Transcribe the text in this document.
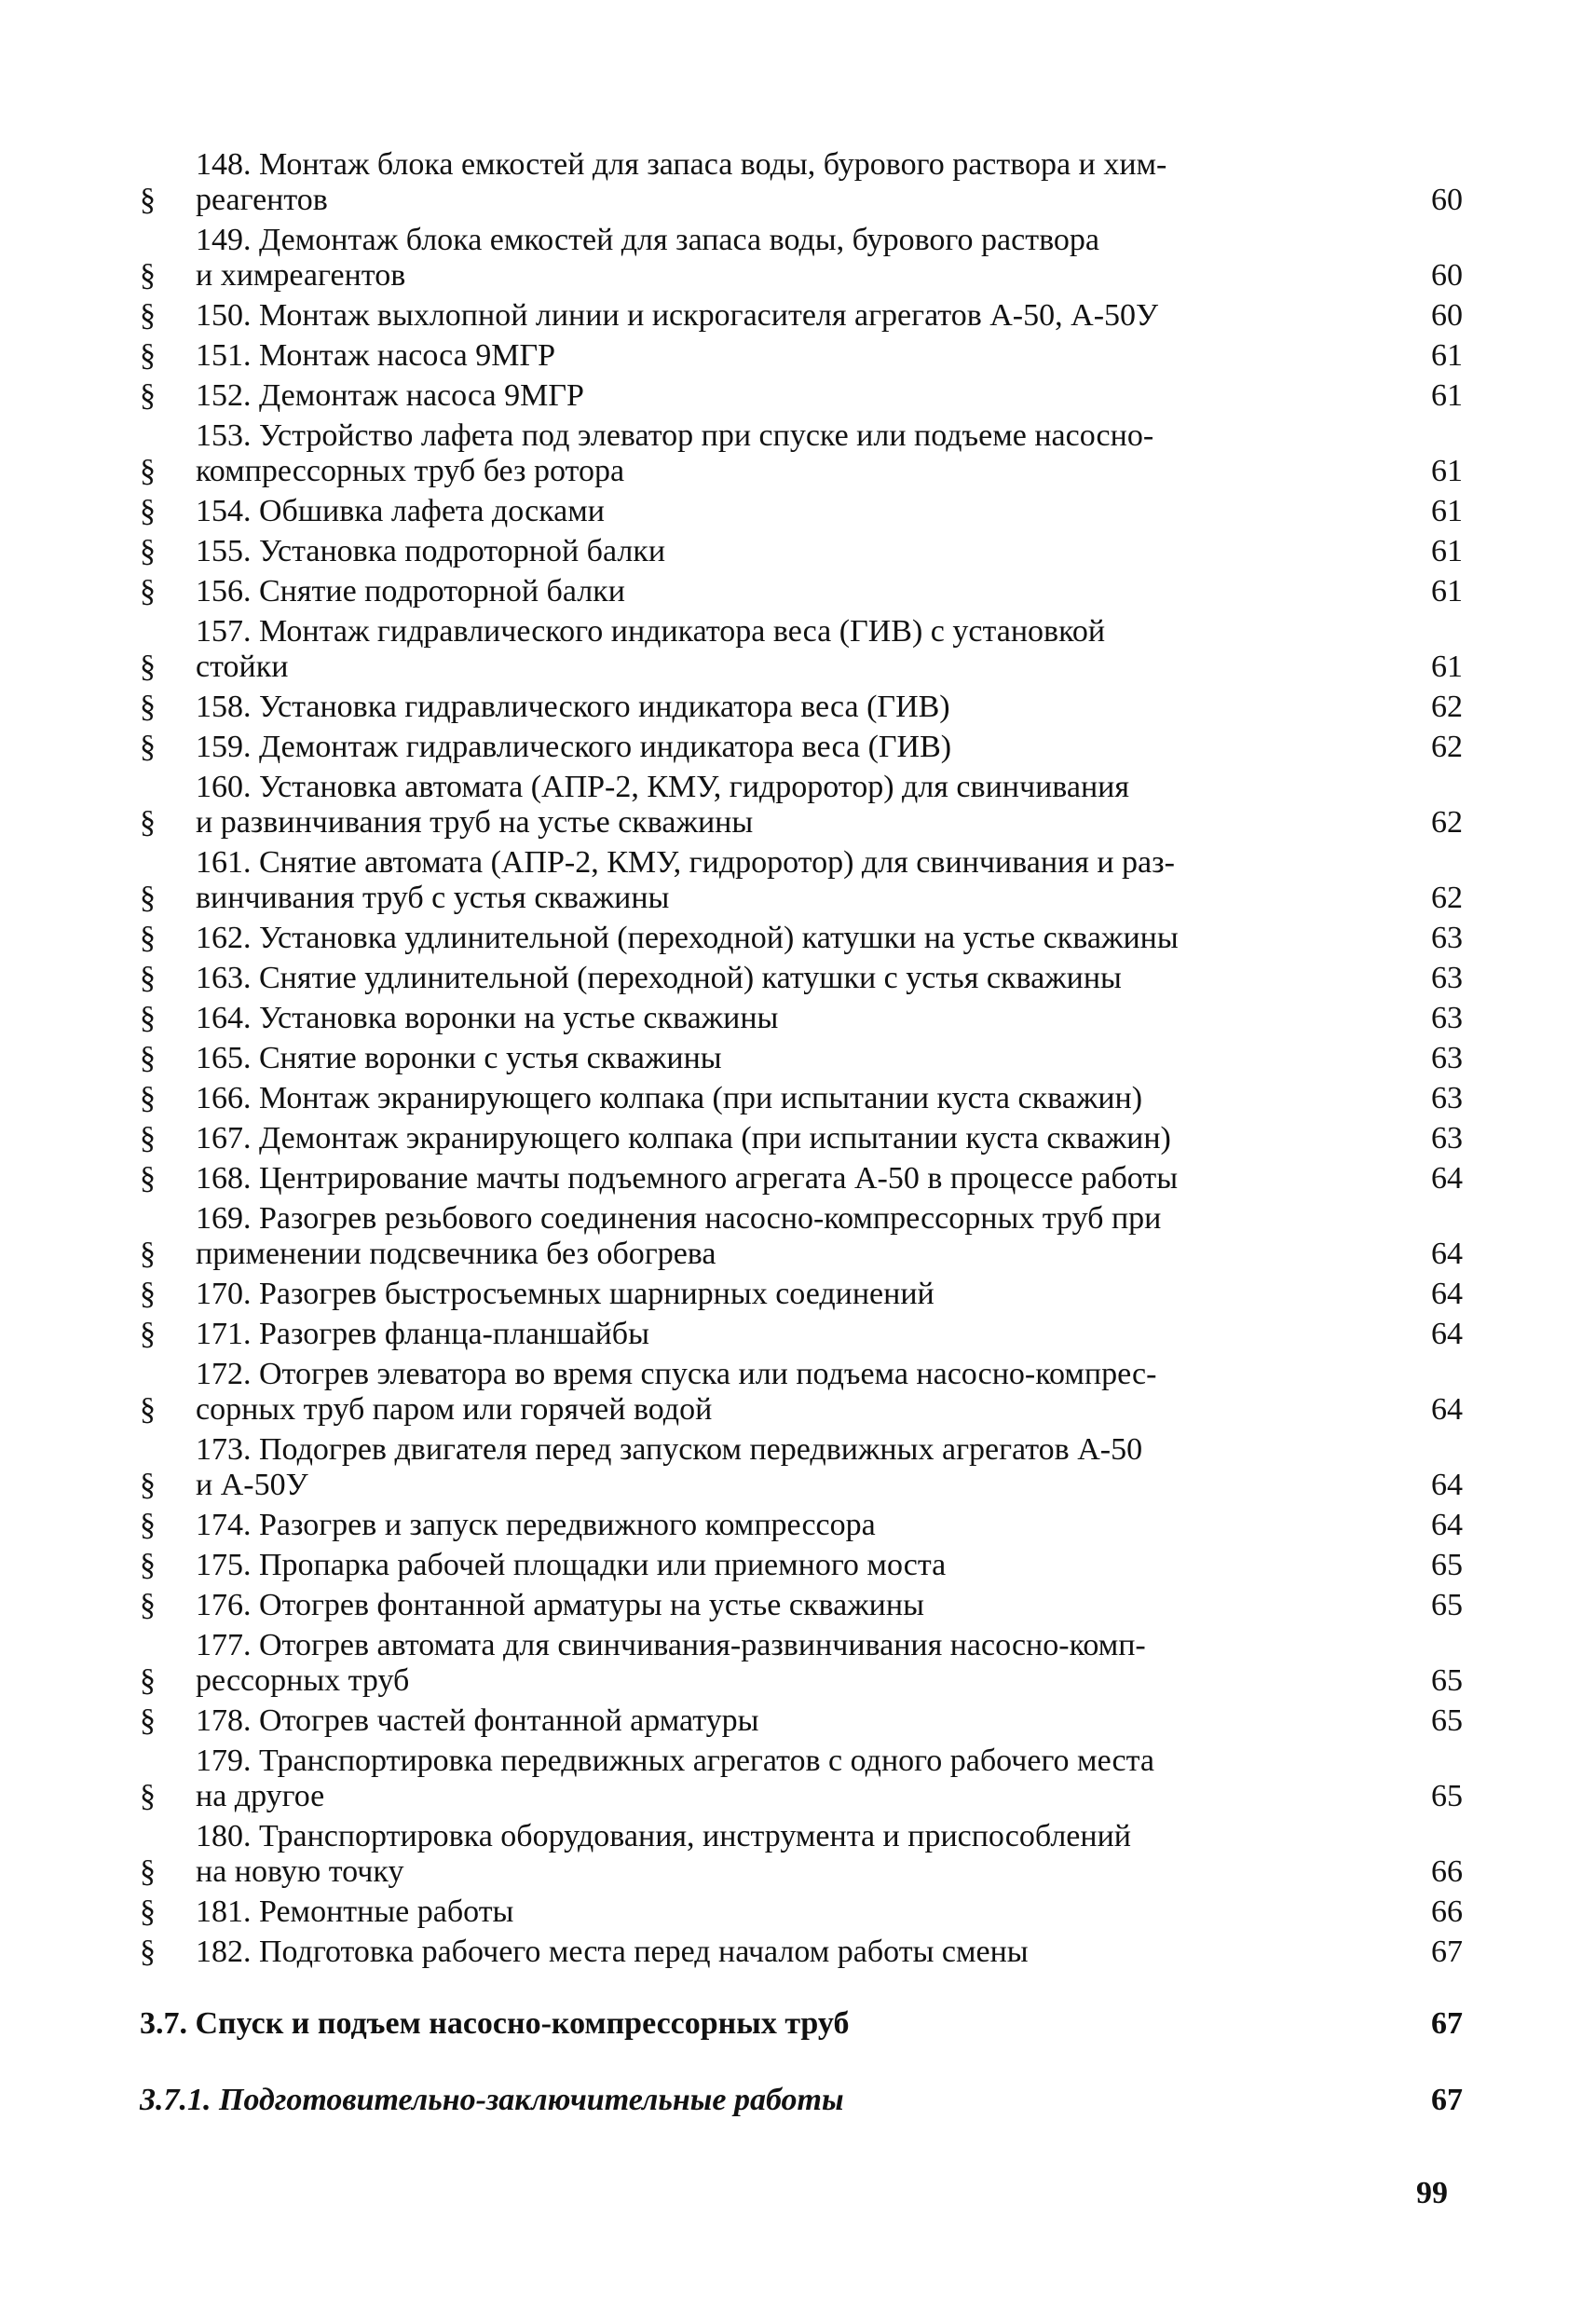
§
148. Монтаж блока емкостей для запаса воды, бурового раствора и хим-
реагентов	60
§
149. Демонтаж блока емкостей для запаса воды, бурового раствора
и химреагентов	60
§	150. Монтаж выхлопной линии и искрогасителя агрегатов А-50, А-50У	60
§	151. Монтаж насоса 9МГР	61
§	152. Демонтаж насоса 9МГР	61
§
153. Устройство лафета под элеватор при спуске или подъеме насосно-
компрессорных труб без ротора	61
§	154. Обшивка лафета досками	61
§	155. Установка подроторной балки	61
§	156. Снятие подроторной балки	61
§
157. Монтаж гидравлического индикатора веса (ГИВ) с установкой
стойки	61
§	158. Установка гидравлического индикатора веса (ГИВ)	62
§	159. Демонтаж гидравлического индикатора веса (ГИВ)	62
§
160. Установка автомата (АПР-2, КМУ, гидроротор) для свинчивания
и развинчивания труб на устье скважины	62
§
161. Снятие автомата (АПР-2, КМУ, гидроротор) для свинчивания и раз-
винчивания труб с устья скважины	62
§	162. Установка удлинительной (переходной) катушки на устье скважины	63
§	163. Снятие удлинительной (переходной) катушки с устья скважины	63
§	164. Установка воронки на устье скважины	63
§	165. Снятие воронки с устья скважины	63
§	166. Монтаж экранирующего колпака (при испытании куста скважин)	63
§	167. Демонтаж экранирующего колпака (при испытании куста скважин)	63
§	168. Центрирование мачты подъемного агрегата А-50 в процессе работы	64
§
169. Разогрев резьбового соединения насосно-компрессорных труб при
применении подсвечника без обогрева	64
§	170. Разогрев быстросъемных шарнирных соединений	64
§	171. Разогрев фланца-планшайбы	64
§
172. Отогрев элеватора во время спуска или подъема насосно-компрес-
сорных труб паром или горячей водой	64
§
173. Подогрев двигателя перед запуском передвижных агрегатов А-50
и А-50У	64
§	174. Разогрев и запуск передвижного компрессора	64
§	175. Пропарка рабочей площадки или приемного моста	65
§	176. Отогрев фонтанной арматуры на устье скважины	65
§
177. Отогрев автомата для свинчивания-развинчивания насосно-комп-
рессорных труб	65
§	178. Отогрев частей фонтанной арматуры	65
§
179. Транспортировка передвижных агрегатов с одного рабочего места
на другое	65
§
180. Транспортировка оборудования, инструмента и приспособлений
на новую точку	66
§	181. Ремонтные работы	66
§	182. Подготовка рабочего места перед началом работы смены	67
3.7. Спуск и подъем насосно-компрессорных труб	67
3.7.1. Подготовительно-заключительные работы	67
99
